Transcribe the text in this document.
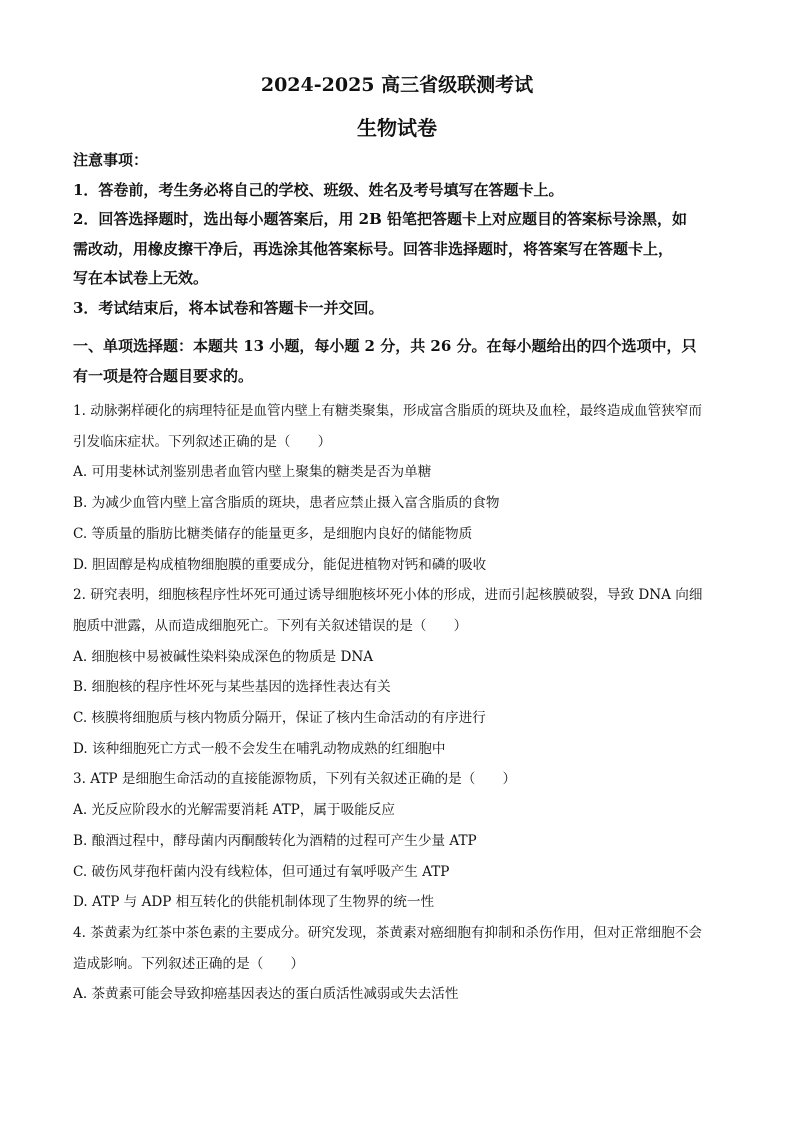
2024-2025 高三省级联测考试
生物试卷

注意事项：

1．答卷前，考生务必将自己的学校、班级、姓名及考号填写在答题卡上。

2．回答选择题时，选出每小题答案后，用 2B 铅笔把答题卡上对应题目的答案标号涂黑，如

需改动，用橡皮擦干净后，再选涂其他答案标号。回答非选择题时，将答案写在答题卡上，

写在本试卷上无效。

3．考试结束后，将本试卷和答题卡一并交回。

一、单项选择题：本题共 13 小题，每小题 2 分，共 26 分。在每小题给出的四个选项中，只

有一项是符合题目要求的。

1. 动脉粥样硬化的病理特征是血管内壁上有糖类聚集，形成富含脂质的斑块及血栓，最终造成血管狭窄而

引发临床症状。下列叙述正确的是（　　）

A. 可用斐林试剂鉴别患者血管内壁上聚集的糖类是否为单糖

B. 为减少血管内壁上富含脂质的斑块，患者应禁止摄入富含脂质的食物

C. 等质量的脂肪比糖类储存的能量更多，是细胞内良好的储能物质

D. 胆固醇是构成植物细胞膜的重要成分，能促进植物对钙和磷的吸收

2. 研究表明，细胞核程序性坏死可通过诱导细胞核坏死小体的形成，进而引起核膜破裂，导致 DNA 向细

胞质中泄露，从而造成细胞死亡。下列有关叙述错误的是（　　）

A. 细胞核中易被碱性染料染成深色的物质是 DNA

B. 细胞核的程序性坏死与某些基因的选择性表达有关

C. 核膜将细胞质与核内物质分隔开，保证了核内生命活动的有序进行

D. 该种细胞死亡方式一般不会发生在哺乳动物成熟的红细胞中

3. ATP 是细胞生命活动的直接能源物质，下列有关叙述正确的是（　　）

A. 光反应阶段水的光解需要消耗 ATP，属于吸能反应

B. 酿酒过程中，酵母菌内丙酮酸转化为酒精的过程可产生少量 ATP

C. 破伤风芽孢杆菌内没有线粒体，但可通过有氧呼吸产生 ATP

D. ATP 与 ADP 相互转化的供能机制体现了生物界的统一性

4. 茶黄素为红茶中茶色素的主要成分。研究发现，茶黄素对癌细胞有抑制和杀伤作用，但对正常细胞不会

造成影响。下列叙述正确的是（　　）

A. 茶黄素可能会导致抑癌基因表达的蛋白质活性减弱或失去活性
